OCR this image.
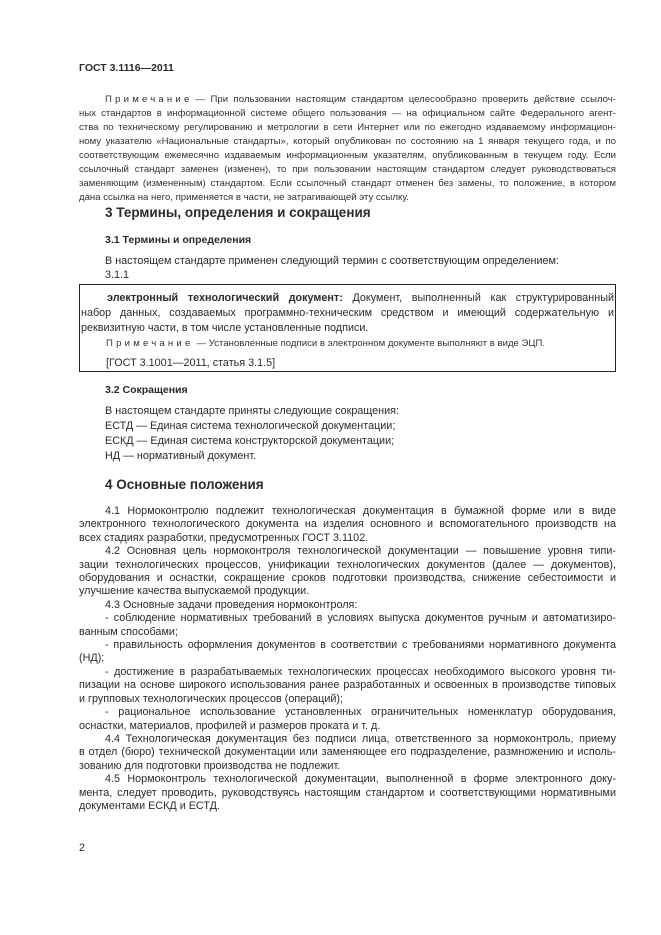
ГОСТ 3.1116—2011
Примечание — При пользовании настоящим стандартом целесообразно проверить действие ссылоч-
ных стандартов в информационной системе общего пользования — на официальном сайте Федерального агент-
ства по техническому регулированию и метрологии в сети Интернет или по ежегодно издаваемому информацион-
ному указателю «Национальные стандарты», который опубликован по состоянию на 1 января текущего года, и по
соответствующим ежемесячно издаваемым информационным указателям, опубликованным в текущем году. Если
ссылочный стандарт заменен (изменен), то при пользовании настоящим стандартом следует руководствоваться
заменяющим (измененным) стандартом. Если ссылочный стандарт отменен без замены, то положение, в котором
дана ссылка на него, применяется в части, не затрагивающей эту ссылку.
3 Термины, определения и сокращения
3.1 Термины и определения
В настоящем стандарте применен следующий термин с соответствующим определением:
3.1.1
электронный технологический документ: Документ, выполненный как структурированный
набор данных, создаваемых программно-техническим средством и имеющий содержательную и
реквизитную части, в том числе установленные подписи.
Примечание — Установленные подписи в электронном документе выполняют в виде ЭЦП.
[ГОСТ 3.1001—2011, статья 3.1.5]
3.2 Сокращения
В настоящем стандарте приняты следующие сокращения:
ЕСТД — Единая система технологической документации;
ЕСКД — Единая система конструкторской документации;
НД — нормативный документ.
4 Основные положения
4.1 Нормоконтролю подлежит технологическая документация в бумажной форме или в виде
электронного технологического документа на изделия основного и вспомогательного производств на
всех стадиях разработки, предусмотренных ГОСТ 3.1102.
4.2 Основная цель нормоконтроля технологической документации — повышение уровня типи-
зации технологических процессов, унификации технологических документов (далее — документов),
оборудования и оснастки, сокращение сроков подготовки производства, снижение себестоимости и
улучшение качества выпускаемой продукции.
4.3 Основные задачи проведения нормоконтроля:
- соблюдение нормативных требований в условиях выпуска документов ручным и автоматизиро-
ванным способами;
- правильность оформления документов в соответствии с требованиями нормативного документа
(НД);
- достижение в разрабатываемых технологических процессах необходимого высокого уровня ти-
пизации на основе широкого использования ранее разработанных и освоенных в производстве типовых
и групповых технологических процессов (операций);
- рациональное использование установленных ограничительных номенклатур оборудования,
оснастки, материалов, профилей и размеров проката и т. д.
4.4 Технологическая документация без подписи лица, ответственного за нормоконтроль, приему
в отдел (бюро) технической документации или заменяющее его подразделение, размножению и исполь-
зованию для подготовки производства не подлежит.
4.5 Нормоконтроль технологической документации, выполненной в форме электронного доку-
мента, следует проводить, руководствуясь настоящим стандартом и соответствующими нормативными
документами ЕСКД и ЕСТД.
2
